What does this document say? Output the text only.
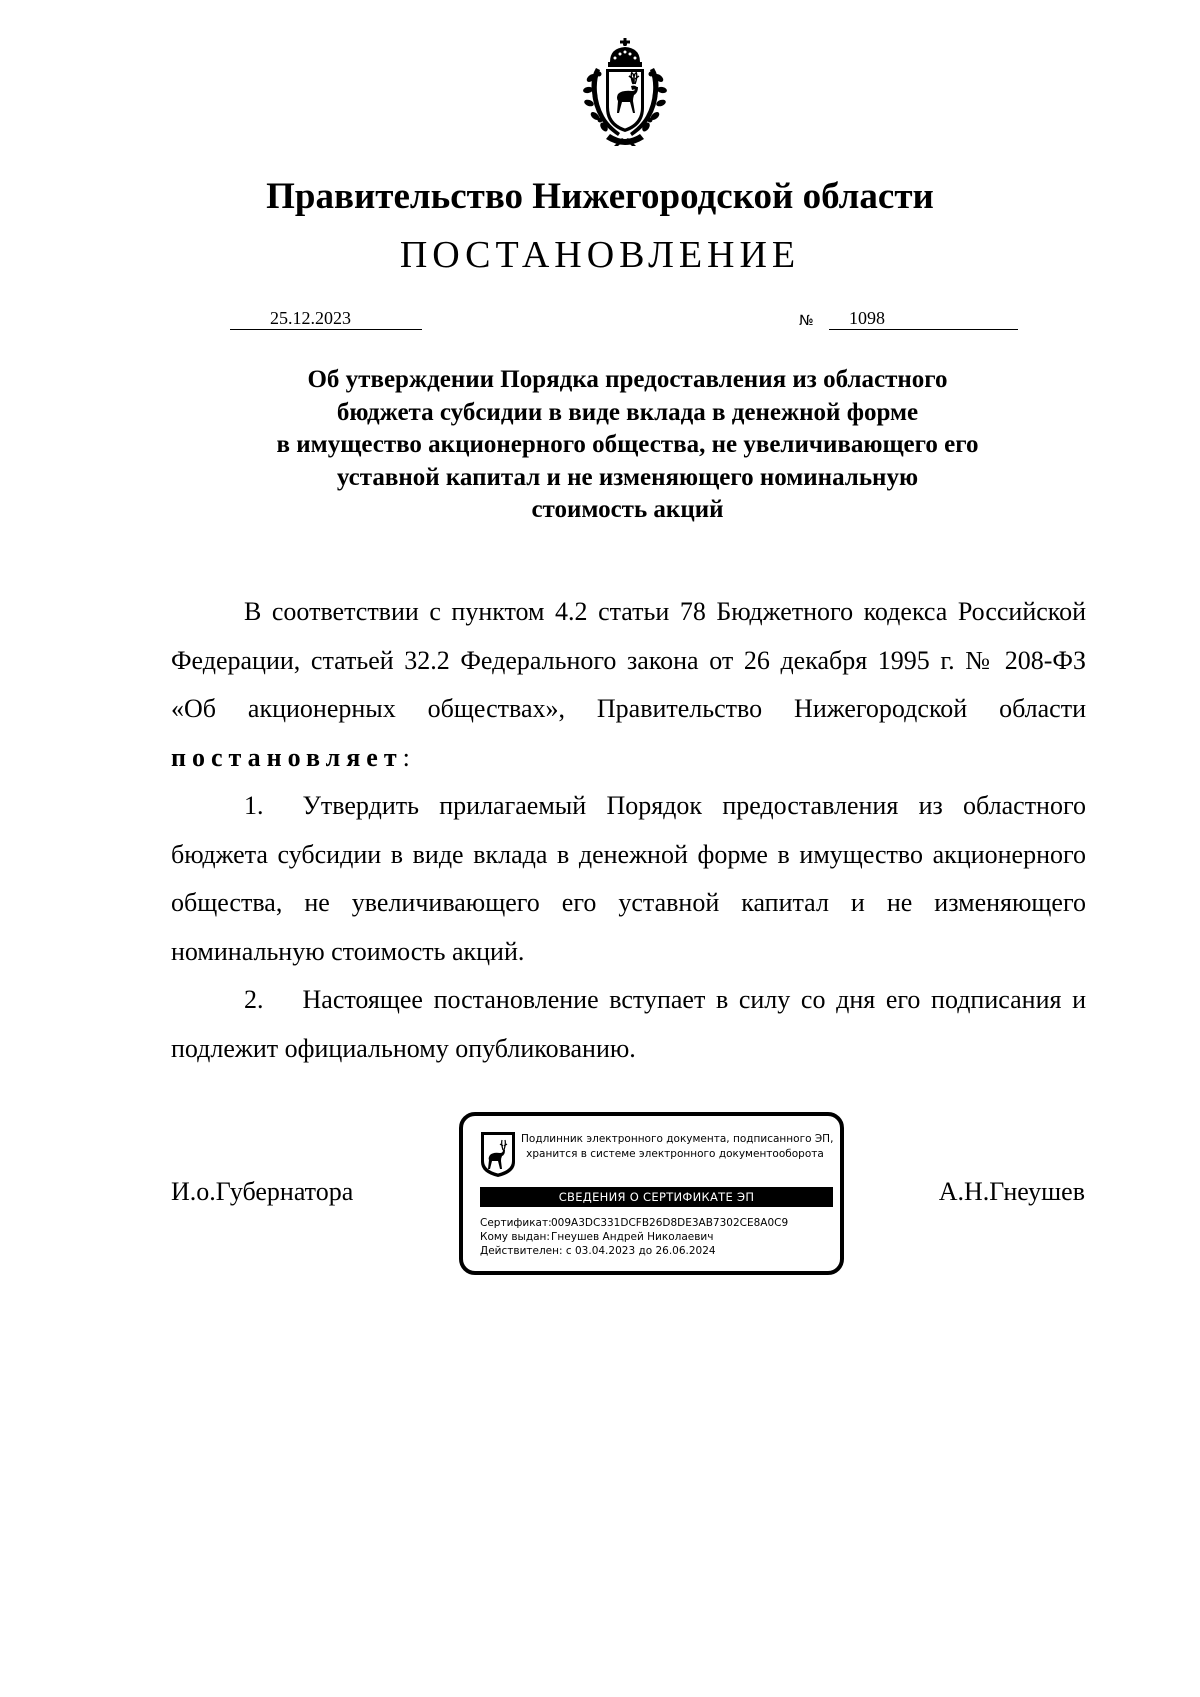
Правительство Нижегородской области
ПОСТАНОВЛЕНИЕ
25.12.2023	№	1098
Об утверждении Порядка предоставления из областного
бюджета субсидии в виде вклада в денежной форме
в имущество акционерного общества, не увеличивающего его
уставной капитал и не изменяющего номинальную
стоимость акций

В соответствии с пунктом 4.2 статьи 78 Бюджетного кодекса Российской Федерации, статьей 32.2 Федерального закона от 26 декабря 1995 г. № 208-ФЗ «Об акционерных обществах», Правительство Нижегородской области постановляет:

1.  Утвердить прилагаемый Порядок предоставления из областного бюджета субсидии в виде вклада в денежной форме в имущество акционерного общества, не увеличивающего его уставной капитал и не изменяющего номинальную стоимость акций.

2.  Настоящее постановление вступает в силу со дня его подписания и подлежит официальному опубликованию.

И.о.Губернатора	А.Н.Гнеушев
Подлинник электронного документа, подписанного ЭП,
хранится в системе электронного документооборота
СВЕДЕНИЯ О СЕРТИФИКАТЕ ЭП
Сертификат:009A3DC331DCFB26D8DE3AB7302CE8A0C9
Кому выдан:Гнеушев Андрей Николаевич
Действителен: с 03.04.2023 до 26.06.2024
